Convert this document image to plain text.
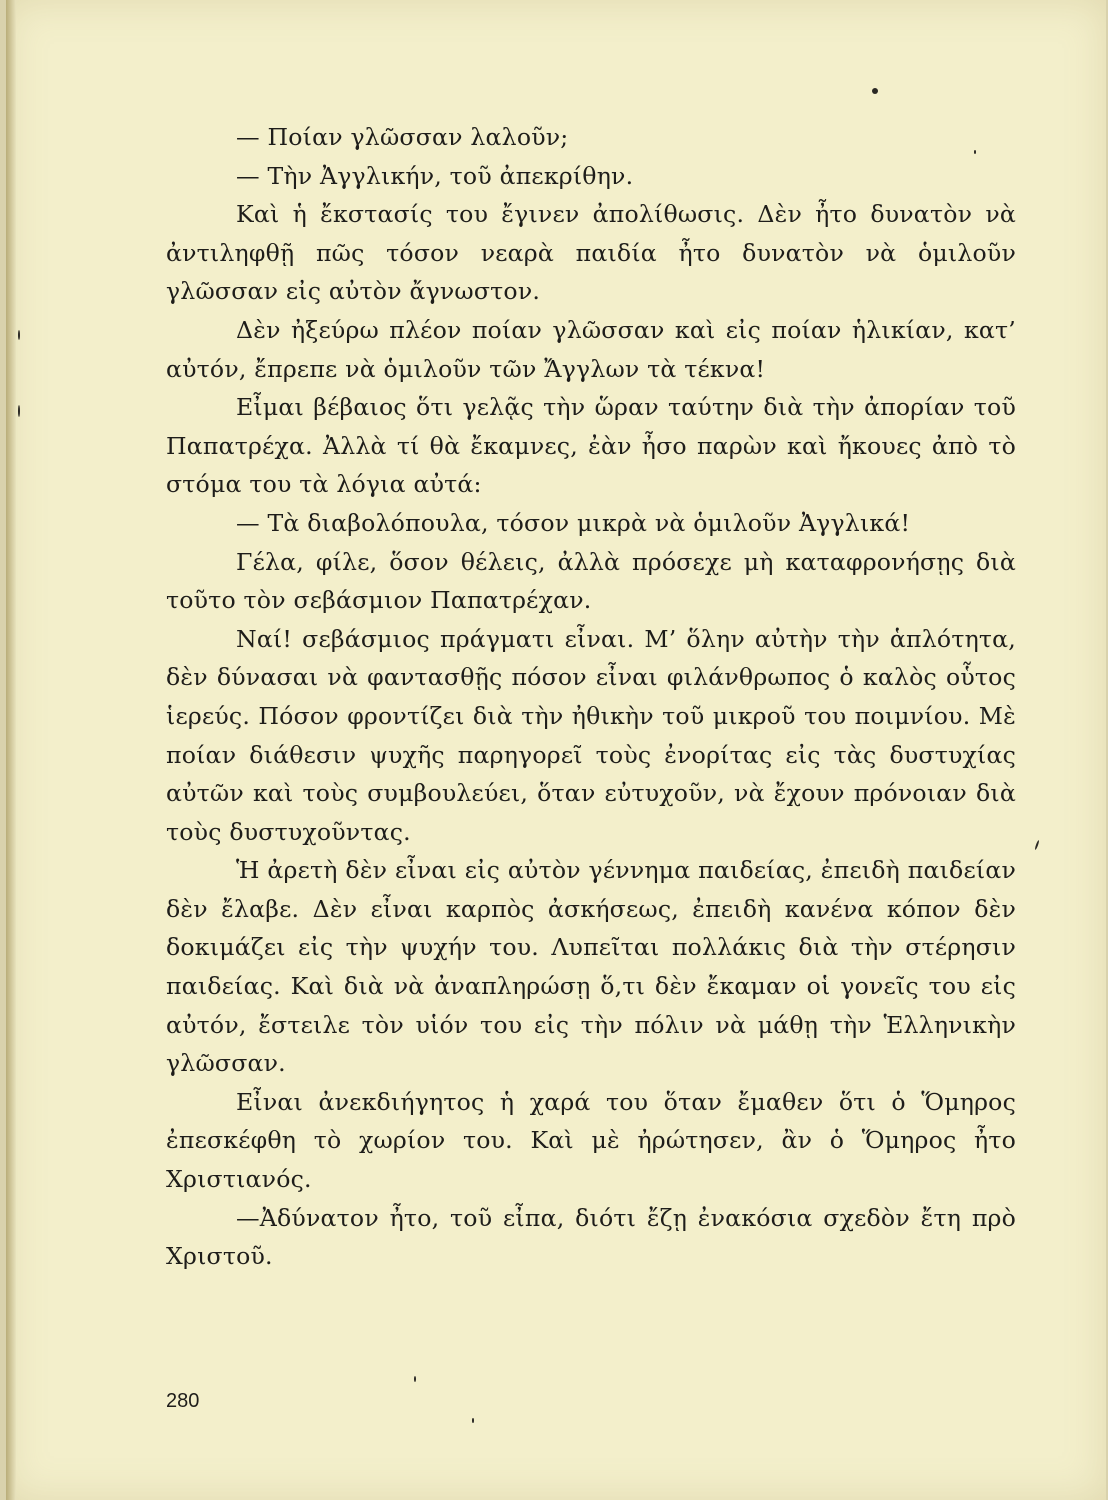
— Ποίαν γλῶσσαν λαλοῦν;

— Τὴν Ἀγγλικήν, τοῦ ἀπεκρίθην.

Καὶ ἡ ἔκστασίς του ἔγινεν ἀπολίθωσις. Δὲν ἦτο δυνατὸν νὰ ἀντιληφθῇ πῶς τόσον νεαρὰ παιδία ἦτο δυνατὸν νὰ ὁμιλοῦν γλῶσσαν εἰς αὐτὸν ἄγνωστον.

Δὲν ἠξεύρω πλέον ποίαν γλῶσσαν καὶ εἰς ποίαν ἡλικίαν, κατ’ αὐτόν, ἔπρεπε νὰ ὁμιλοῦν τῶν Ἄγγλων τὰ τέκνα!

Εἶμαι βέβαιος ὅτι γελᾷς τὴν ὥραν ταύτην διὰ τὴν ἀπορίαν τοῦ Παπατρέχα. Ἀλλὰ τί θὰ ἔκαμνες, ἐὰν ἦσο παρὼν καὶ ἤκουες ἀπὸ τὸ στόμα του τὰ λόγια αὐτά:

— Τὰ διαβολόπουλα, τόσον μικρὰ νὰ ὁμιλοῦν Ἀγγλικά!

Γέλα, φίλε, ὅσον θέλεις, ἀλλὰ πρόσεχε μὴ καταφρονήσῃς διὰ τοῦτο τὸν σεβάσμιον Παπατρέχαν.

Ναί! σεβάσμιος πράγματι εἶναι. Μ’ ὅλην αὐτὴν τὴν ἁπλότητα, δὲν δύνασαι νὰ φαντασθῇς πόσον εἶναι φιλάνθρωπος ὁ καλὸς οὗτος ἱερεύς. Πόσον φροντίζει διὰ τὴν ἠθικὴν τοῦ μικροῦ του ποιμνίου. Μὲ ποίαν διάθεσιν ψυχῆς παρηγορεῖ τοὺς ἐνορίτας εἰς τὰς δυστυχίας αὐτῶν καὶ τοὺς συμβουλεύει, ὅταν εὐτυχοῦν, νὰ ἔχουν πρόνοιαν διὰ τοὺς δυστυχοῦντας.

Ἡ ἀρετὴ δὲν εἶναι εἰς αὐτὸν γέννημα παιδείας, ἐπειδὴ παιδείαν δὲν ἔλαβε. Δὲν εἶναι καρπὸς ἀσκήσεως, ἐπειδὴ κανένα κόπον δὲν δοκιμάζει εἰς τὴν ψυχήν του. Λυπεῖται πολλάκις διὰ τὴν στέρησιν παιδείας. Καὶ διὰ νὰ ἀναπληρώσῃ ὅ,τι δὲν ἔκαμαν οἱ γονεῖς του εἰς αὐτόν, ἔστειλε τὸν υἱόν του εἰς τὴν πόλιν νὰ μάθῃ τὴν Ἑλληνικὴν γλῶσσαν.

Εἶναι ἀνεκδιήγητος ἡ χαρά του ὅταν ἔμαθεν ὅτι ὁ Ὅμηρος ἐπεσκέφθη τὸ χωρίον του. Καὶ μὲ ἠρώτησεν, ἂν ὁ Ὅμηρος ἦτο Χριστιανός.

—Ἀδύνατον ἦτο, τοῦ εἶπα, διότι ἔζῃ ἐνακόσια σχεδὸν ἔτη πρὸ Χριστοῦ.

280
